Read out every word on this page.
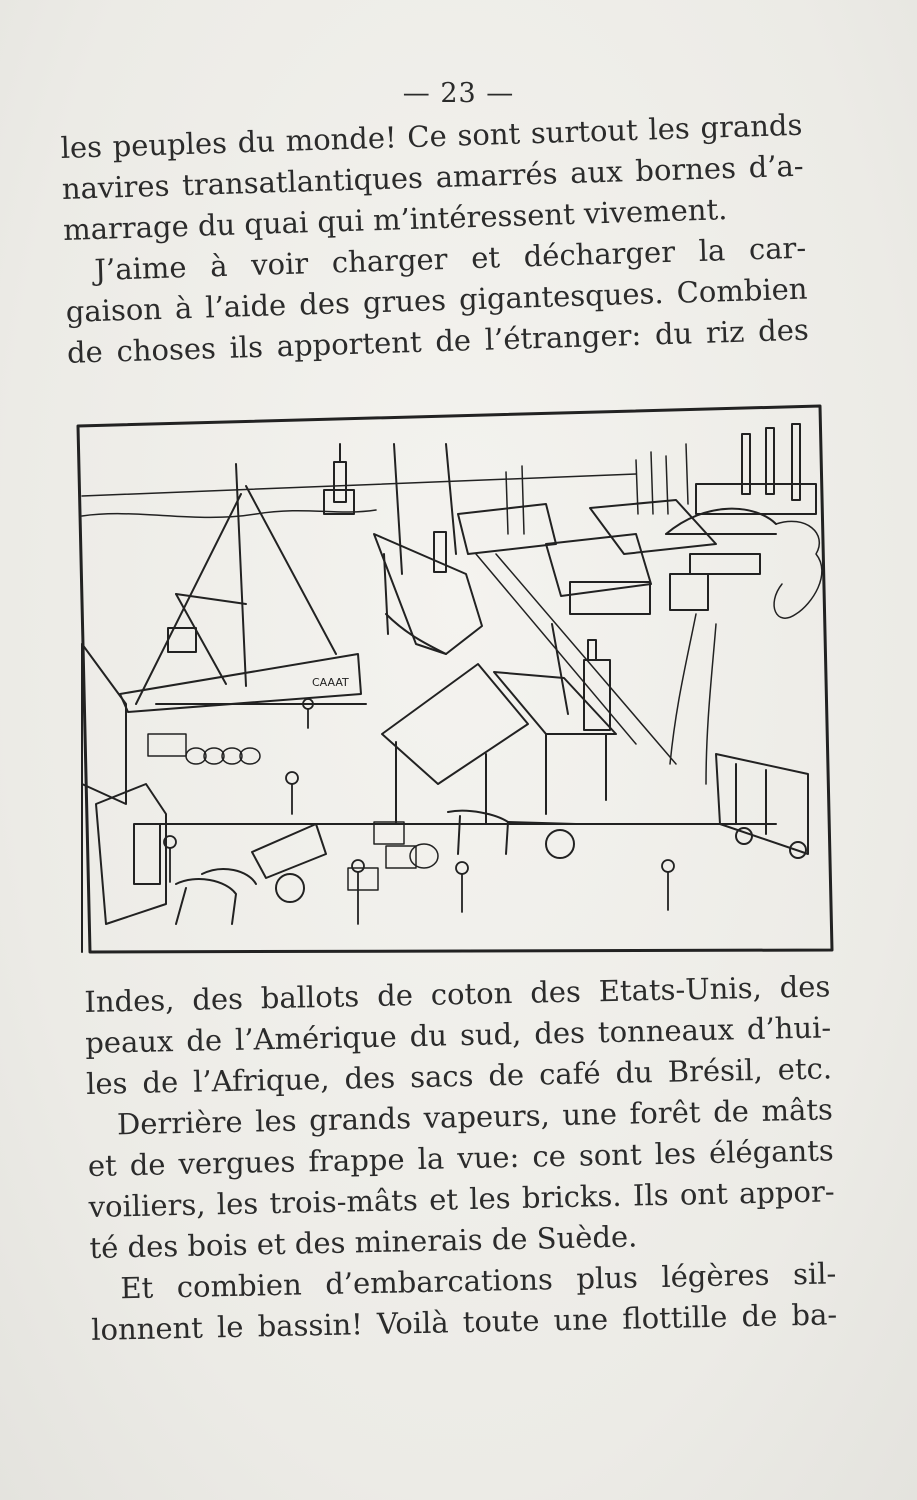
— 23 —
les peuples du monde! Ce sont surtout les grands
navires transatlantiques amarrés aux bornes d’a-
marrage du quai qui m’intéressent vivement.
J’aime à voir charger et décharger la car-
gaison à l’aide des grues gigantesques. Combien
de choses ils apportent de l’étranger: du riz des
CAAAT
Indes, des ballots de coton des Etats-Unis, des
peaux de l’Amérique du sud, des tonneaux d’hui-
les de l’Afrique, des sacs de café du Brésil, etc.
Derrière les grands vapeurs, une forêt de mâts
et de vergues frappe la vue: ce sont les élégants
voiliers, les trois-mâts et les bricks. Ils ont appor-
té des bois et des minerais de Suède.
Et combien d’embarcations plus légères sil-
lonnent le bassin! Voilà toute une flottille de ba-
